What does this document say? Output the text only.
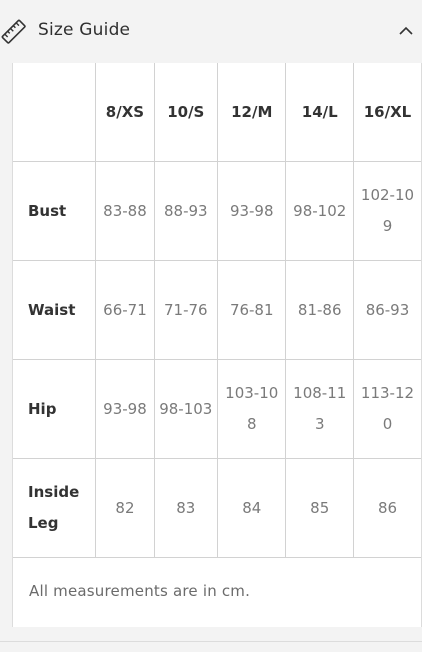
Size Guide
	8/XS	10/S	12/M	14/L	16/XL
Bust	83-88	88-93	93-98	98-102	102-109
Waist	66-71	71-76	76-81	81-86	86-93
Hip	93-98	98-103	103-108	108-113	113-120
Inside Leg	82	83	84	85	86
All measurements are in cm.
